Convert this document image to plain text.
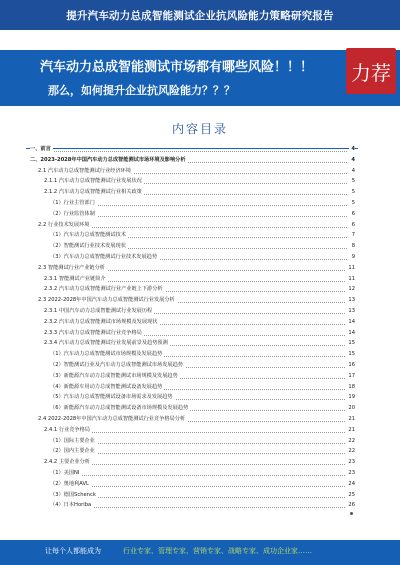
提升汽车动力总成智能测试企业抗风险能力策略研究报告
汽车动力总成智能测试市场都有哪些风险！！！
那么，如何提升企业抗风险能力？？？
力荐
内容目录
一、前言	4
二、2023-2028年中国汽车动力总成智能测试市场环境及影响分析	4
2.1 汽车动力总成智能测试行业经济环境	4
2.1.1 汽车动力总成智能测试行业发展状况	5
2.1.2 汽车动力总成智能测试行业相关政策	5
（1）行业主管部门	5
（2）行业监管体制	6
2.2 行业技术发展环境	6
（1）汽车动力总成智能测试技术	7
（2）智能测试行业技术发展现状	8
（3）汽车动力总成智能测试行业技术发展趋势	9
2.3 智能测试行业产业链分析	11
2.3.1 智能测试产业链简介	11
2.3.2 汽车动力总成智能测试行业产业链上下游分析	12
2.3 2022-2028年中国汽车动力总成智能测试行业发展分析	13
2.3.1 中国汽车动力总成智能测试行业发展历程	13
2.3.2 汽车动力总成智能测试市场规模及发展现状	14
2.3.3 汽车动力总成智能测试行业竞争格局	14
2.3.4 汽车动力总成智能测试行业发展前景及趋势预测	15
（1）汽车动力总成智能测试市场规模及发展趋势	15
（2）智能测试行业及汽车动力总成智能测试市场发展趋势	16
（3）新能源汽车动力总成智能测试市场规模及发展趋势	17
（4）新能源车用动力总成智能测试设备发展趋势	18
（5）汽车动力总成智能测试设备市场需求及发展趋势	19
（6）新能源汽车动力总成智能测试设备市场规模及发展趋势	20
2.4 2022-2028年中国汽车动力总成智能测试行业竞争格局分析	21
2.4.1 行业竞争格局	21
（1）国际主要企业	22
（2）国内主要企业	22
2.4.2 主要企业分析	23
（1）美国NI	23
（2）奥地利AVL	24
（3）德国Schenck	25
（4）日本Horiba	26
让每个人都能成为	行业专家、管理专家、营销专家、战略专家、成功企业家……
